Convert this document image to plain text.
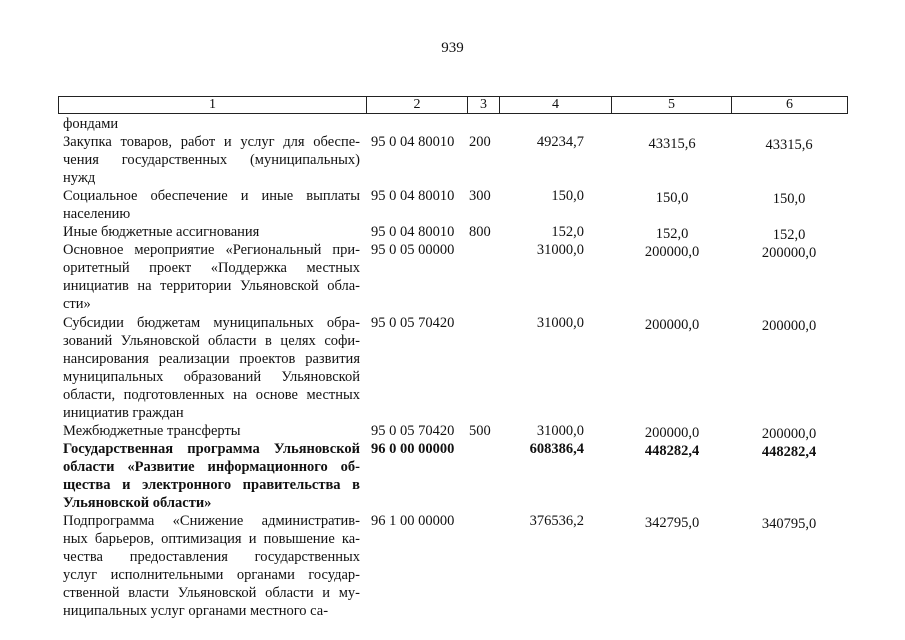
939
1	2	3	4	5	6
фондами
Закупка товаров, работ и услуг для обеспе-
чения государственных (муниципальных)
нужд
95 0 04 80010 200	49234,7	43315,6	43315,6
Социальное обеспечение и иные выплаты
населению
95 0 04 80010 300	150,0	150,0	150,0
Иные бюджетные ассигнования	95 0 04 80010 800	152,0	152,0	152,0
Основное мероприятие «Региональный при-
оритетный проект «Поддержка местных
инициатив на территории Ульяновской обла-
сти»
95 0 05 00000	31000,0	200000,0	200000,0
Субсидии бюджетам муниципальных обра-
зований Ульяновской области в целях софи-
нансирования реализации проектов развития
муниципальных образований Ульяновской
области, подготовленных на основе местных
инициатив граждан
95 0 05 70420	31000,0	200000,0	200000,0
Межбюджетные трансферты	95 0 05 70420 500	31000,0	200000,0	200000,0
Государственная программа Ульяновской
области «Развитие информационного об-
щества и электронного правительства в
Ульяновской области»
96 0 00 00000	608386,4	448282,4	448282,4
Подпрограмма «Снижение административ-
ных барьеров, оптимизация и повышение ка-
чества предоставления государственных
услуг исполнительными органами государ-
ственной власти Ульяновской области и му-
ниципальных услуг органами местного са-
96 1 00 00000	376536,2	342795,0	340795,0
